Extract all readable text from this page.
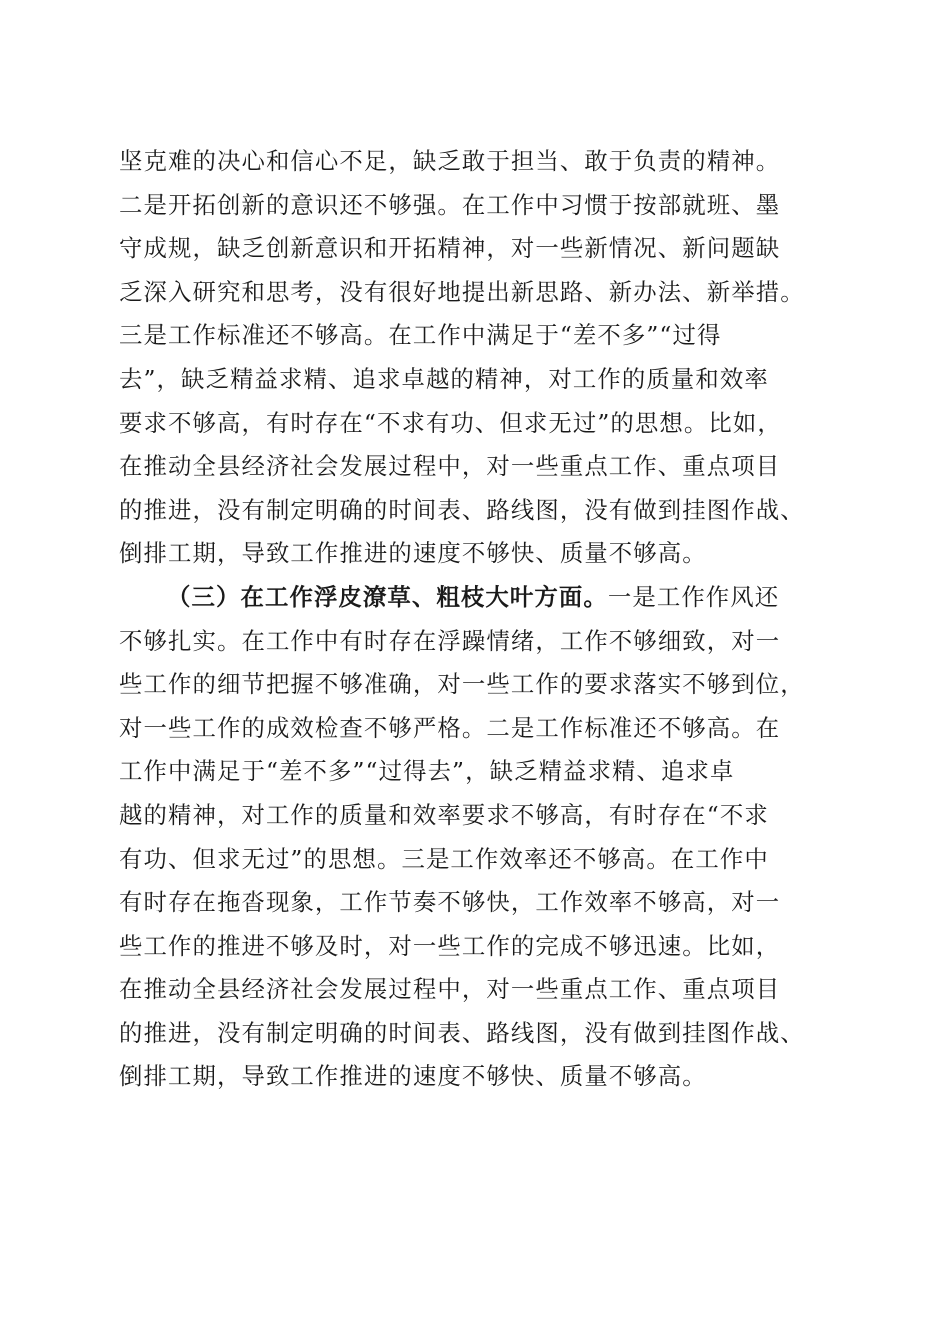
坚克难的决心和信心不足，缺乏敢于担当、敢于负责的精神。
二是开拓创新的意识还不够强。在工作中习惯于按部就班、墨
守成规，缺乏创新意识和开拓精神，对一些新情况、新问题缺
乏深入研究和思考，没有很好地提出新思路、新办法、新举措。
三是工作标准还不够高。在工作中满足于“差不多”“过得
去”，缺乏精益求精、追求卓越的精神，对工作的质量和效率
要求不够高，有时存在“不求有功、但求无过”的思想。比如，
在推动全县经济社会发展过程中，对一些重点工作、重点项目
的推进，没有制定明确的时间表、路线图，没有做到挂图作战、
倒排工期，导致工作推进的速度不够快、质量不够高。
（三）在工作浮皮潦草、粗枝大叶方面。一是工作作风还
不够扎实。在工作中有时存在浮躁情绪，工作不够细致，对一
些工作的细节把握不够准确，对一些工作的要求落实不够到位，
对一些工作的成效检查不够严格。二是工作标准还不够高。在
工作中满足于“差不多”“过得去”，缺乏精益求精、追求卓
越的精神，对工作的质量和效率要求不够高，有时存在“不求
有功、但求无过”的思想。三是工作效率还不够高。在工作中
有时存在拖沓现象，工作节奏不够快，工作效率不够高，对一
些工作的推进不够及时，对一些工作的完成不够迅速。比如，
在推动全县经济社会发展过程中，对一些重点工作、重点项目
的推进，没有制定明确的时间表、路线图，没有做到挂图作战、
倒排工期，导致工作推进的速度不够快、质量不够高。
